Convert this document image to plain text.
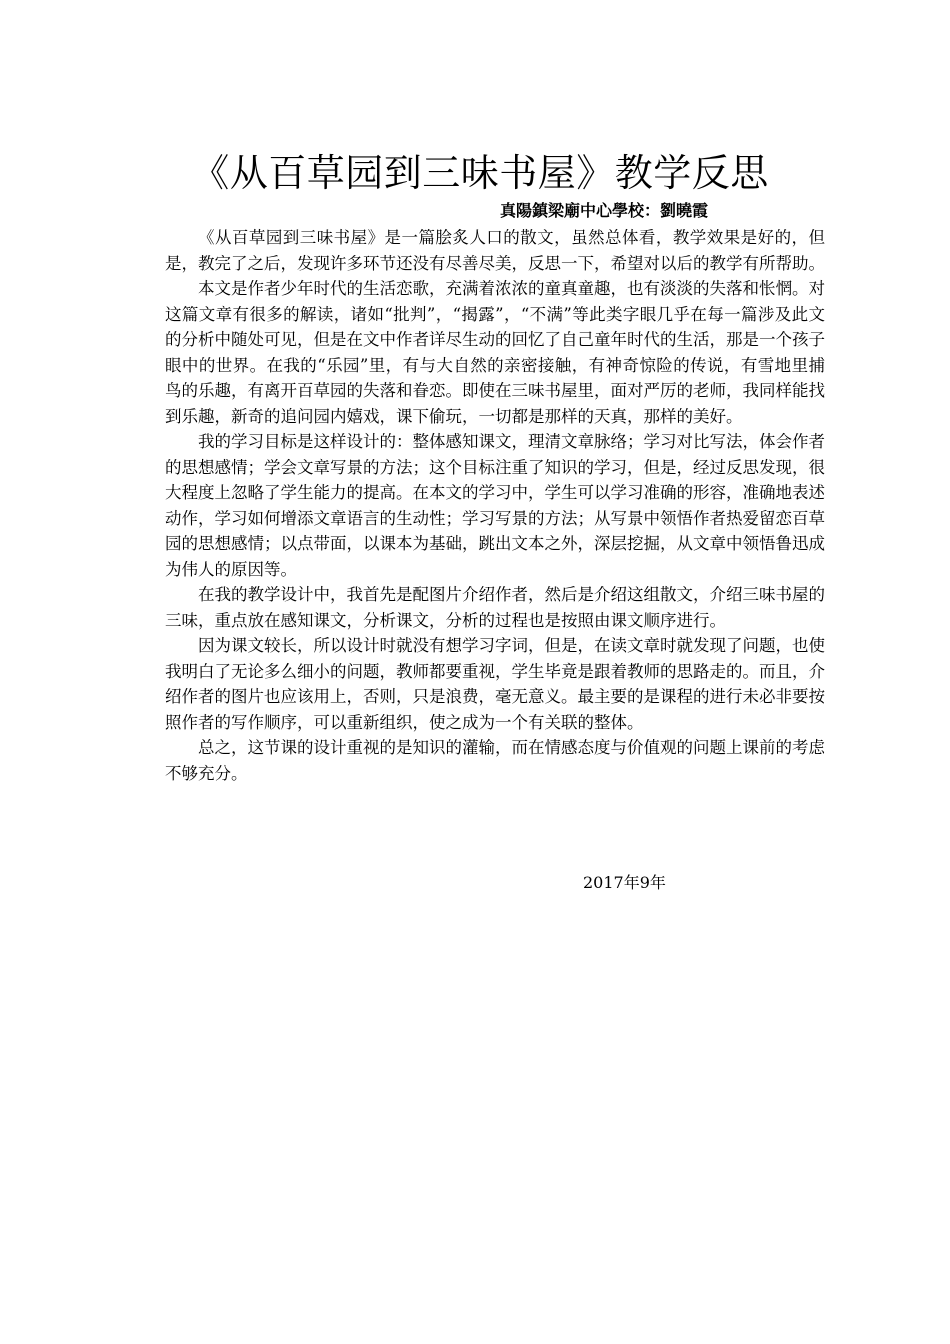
《从百草园到三味书屋》教学反思
真陽鎮梁廟中心學校：劉曉霞

《从百草园到三味书屋》是一篇脍炙人口的散文，虽然总体看，教学效果是好的，但是，教完了之后，发现许多环节还没有尽善尽美，反思一下，希望对以后的教学有所帮助。

本文是作者少年时代的生活恋歌，充满着浓浓的童真童趣，也有淡淡的失落和怅惘。对这篇文章有很多的解读，诸如“批判”，“揭露”，“不满”等此类字眼几乎在每一篇涉及此文的分析中随处可见，但是在文中作者详尽生动的回忆了自己童年时代的生活，那是一个孩子眼中的世界。在我的“乐园”里，有与大自然的亲密接触，有神奇惊险的传说，有雪地里捕鸟的乐趣，有离开百草园的失落和眷恋。即使在三味书屋里，面对严厉的老师，我同样能找到乐趣，新奇的追问园内嬉戏，课下偷玩，一切都是那样的天真，那样的美好。

我的学习目标是这样设计的：整体感知课文，理清文章脉络；学习对比写法，体会作者的思想感情；学会文章写景的方法；这个目标注重了知识的学习，但是，经过反思发现，很大程度上忽略了学生能力的提高。在本文的学习中，学生可以学习准确的形容，准确地表述动作，学习如何增添文章语言的生动性；学习写景的方法；从写景中领悟作者热爱留恋百草园的思想感情；以点带面，以课本为基础，跳出文本之外，深层挖掘，从文章中领悟鲁迅成为伟人的原因等。

在我的教学设计中，我首先是配图片介绍作者，然后是介绍这组散文，介绍三味书屋的三味，重点放在感知课文，分析课文，分析的过程也是按照由课文顺序进行。

因为课文较长，所以设计时就没有想学习字词，但是，在读文章时就发现了问题，也使我明白了无论多么细小的问题，教师都要重视，学生毕竟是跟着教师的思路走的。而且，介绍作者的图片也应该用上，否则，只是浪费，毫无意义。最主要的是课程的进行未必非要按照作者的写作顺序，可以重新组织，使之成为一个有关联的整体。

总之，这节课的设计重视的是知识的灌输，而在情感态度与价值观的问题上课前的考虑不够充分。

2017年9年
